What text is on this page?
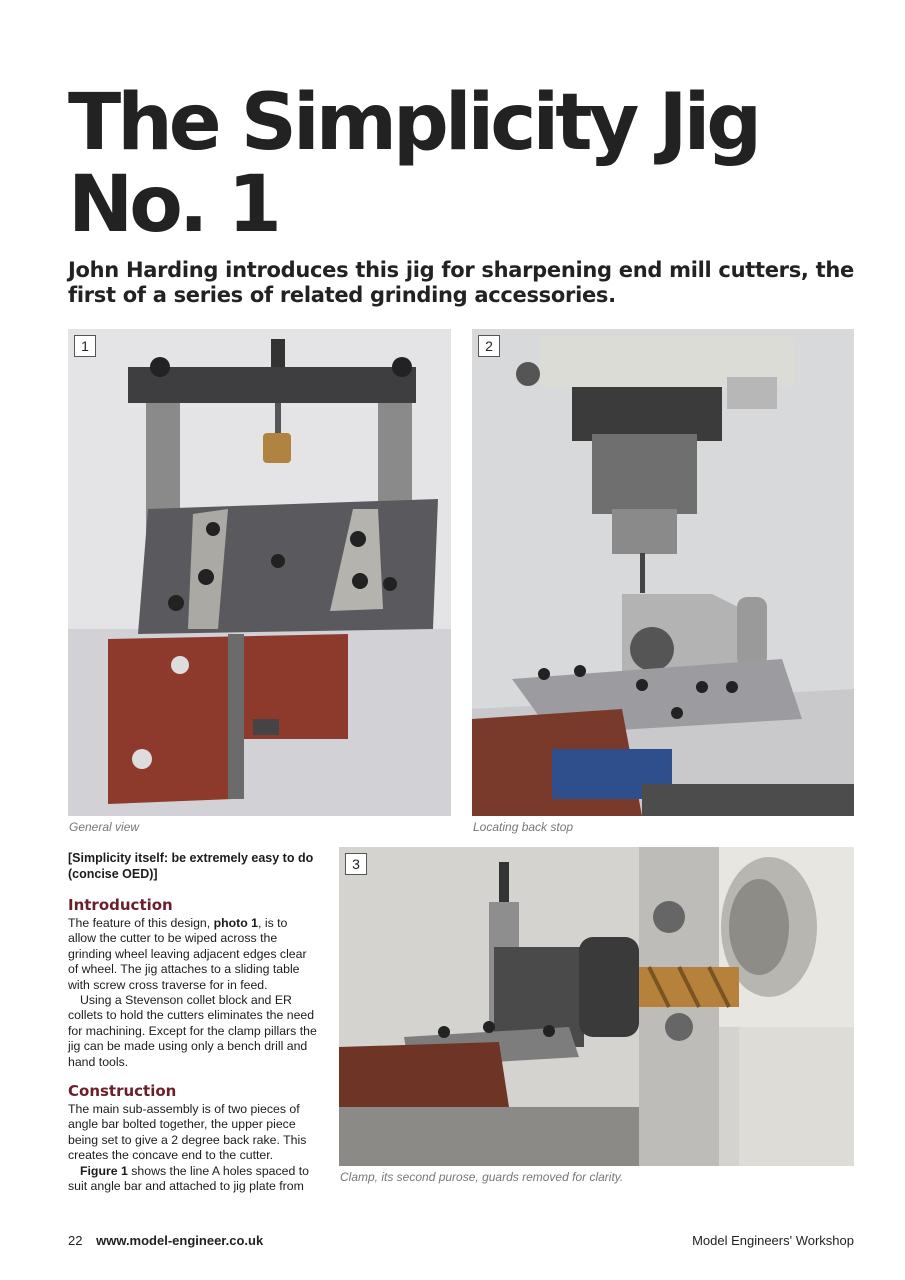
The Simplicity Jig
No. 1

John Harding introduces this jig for sharpening end mill cutters, the first of a series of related grinding accessories.

1
General view
2
Locating back stop

[Simplicity itself: be extremely easy to do (concise OED)]

Introduction

The feature of this design, photo 1, is to allow the cutter to be wiped across the grinding wheel leaving adjacent edges clear of wheel. The jig attaches to a sliding table with screw cross traverse for in feed.

Using a Stevenson collet block and ER collets to hold the cutters eliminates the need for machining. Except for the clamp pillars the jig can be made using only a bench drill and hand tools.

Construction

The main sub-assembly is of two pieces of angle bar bolted together, the upper piece being set to give a 2 degree back rake. This creates the concave end to the cutter.

Figure 1 shows the line A holes spaced to suit angle bar and attached to jig plate from

3
Clamp, its second purose, guards removed for clarity.
22 www.model-engineer.co.uk	Model Engineers' Workshop
